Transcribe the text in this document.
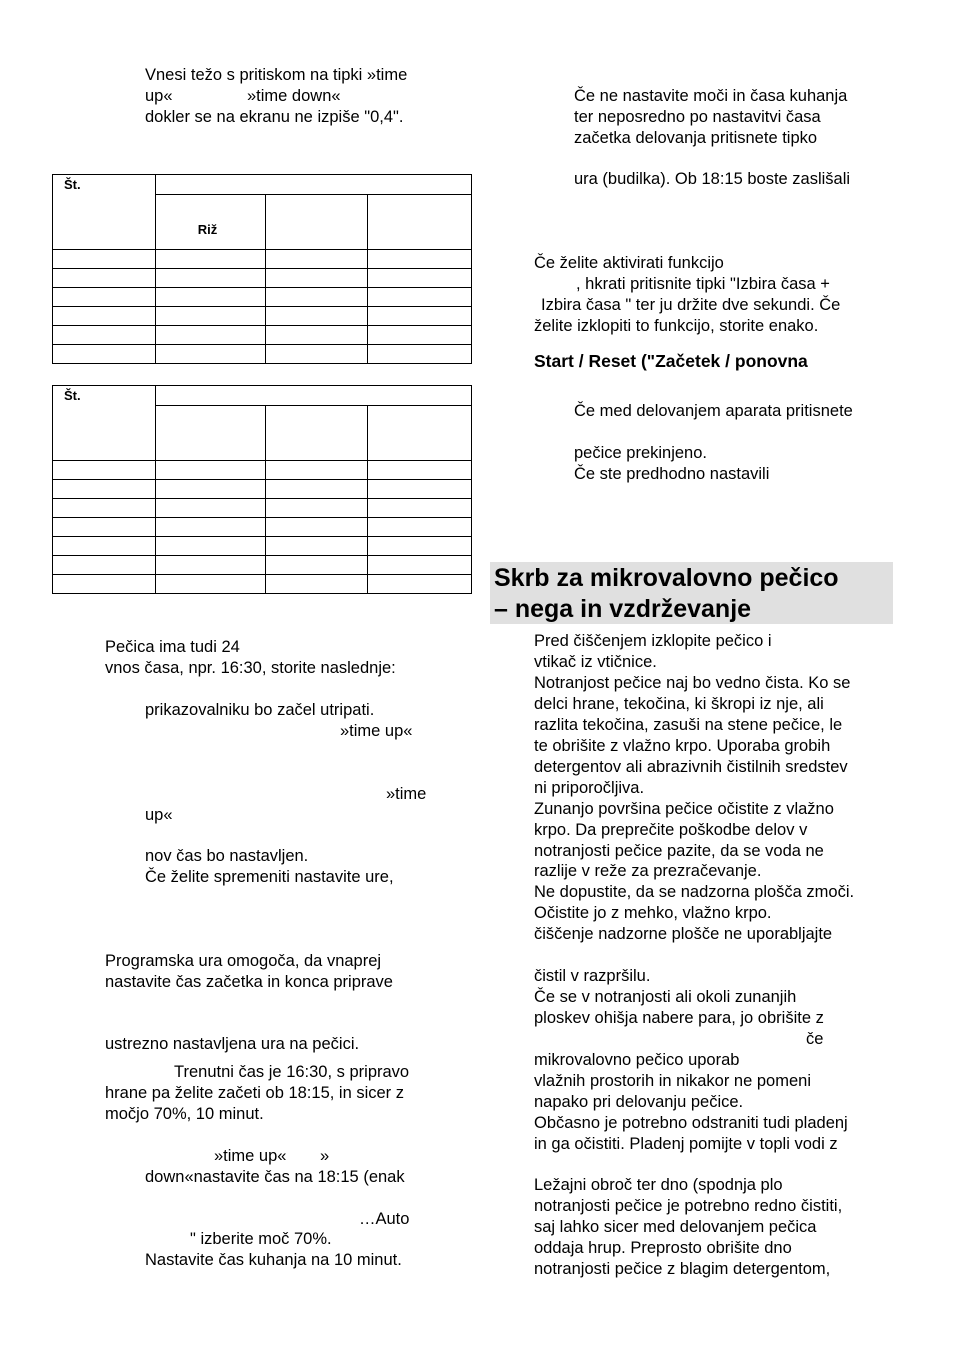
Vnesi težo s pritiskom na tipki »time
up«	»time down«
dokler se na ekranu ne izpiše "0,4".
Št.			
	Riž		

Št.			

Pečica ima tudi 24
vnos časa, npr. 16:30, storite naslednje:
prikazovalniku bo začel utripati.
»time up«
»time
up«
nov čas bo nastavljen.
Če želite spremeniti nastavite ure,
Programska ura omogoča, da vnaprej
nastavite čas začetka in konca priprave
ustrezno nastavljena ura na pečici.
Trenutni čas je 16:30, s pripravo
hrane pa želite začeti ob 18:15, in sicer z
močjo 70%, 10 minut.
»time up« »
down«nastavite čas na 18:15 (enak
…Auto
" izberite moč 70%.
Nastavite čas kuhanja na 10 minut.
Če ne nastavite moči in časa kuhanja
ter neposredno po nastavitvi časa
začetka delovanja pritisnete tipko
ura (budilka). Ob 18:15 boste zaslišali
Če želite aktivirati funkcijo
, hkrati pritisnite tipki "Izbira časa +
Izbira časa " ter ju držite dve sekundi. Če
želite izklopiti to funkcijo, storite enako.
Start / Reset ("Začetek / ponovna
Če med delovanjem aparata pritisnete
pečice prekinjeno.
Če ste predhodno nastavili
Skrb za mikrovalovno pečico
– nega in vzdrževanje
Pred čiščenjem izklopite pečico i
vtikač iz vtičnice.
Notranjost pečice naj bo vedno čista. Ko se
delci hrane, tekočina, ki škropi iz nje, ali
razlita tekočina, zasuši na stene pečice, le
te obrišite z vlažno krpo. Uporaba grobih
detergentov ali abrazivnih čistilnih sredstev
ni priporočljiva.
Zunanjo površina pečice očistite z vlažno
krpo. Da preprečite poškodbe delov v
notranjosti pečice pazite, da se voda ne
razlije v reže za prezračevanje.
Ne dopustite, da se nadzorna plošča zmoči.
Očistite jo z mehko, vlažno krpo.
čiščenje nadzorne plošče ne uporabljajte
čistil v razpršilu.
Če se v notranjosti ali okoli zunanjih
ploskev ohišja nabere para, jo obrišite z
če
mikrovalovno pečico uporab
vlažnih prostorih in nikakor ne pomeni
napako pri delovanju pečice.
Občasno je potrebno odstraniti tudi pladenj
in ga očistiti. Pladenj pomijte v topli vodi z
Ležajni obroč ter dno (spodnja plo
notranjosti pečice je potrebno redno čistiti,
saj lahko sicer med delovanjem pečica
oddaja hrup. Preprosto obrišite dno
notranjosti pečice z blagim detergentom,
